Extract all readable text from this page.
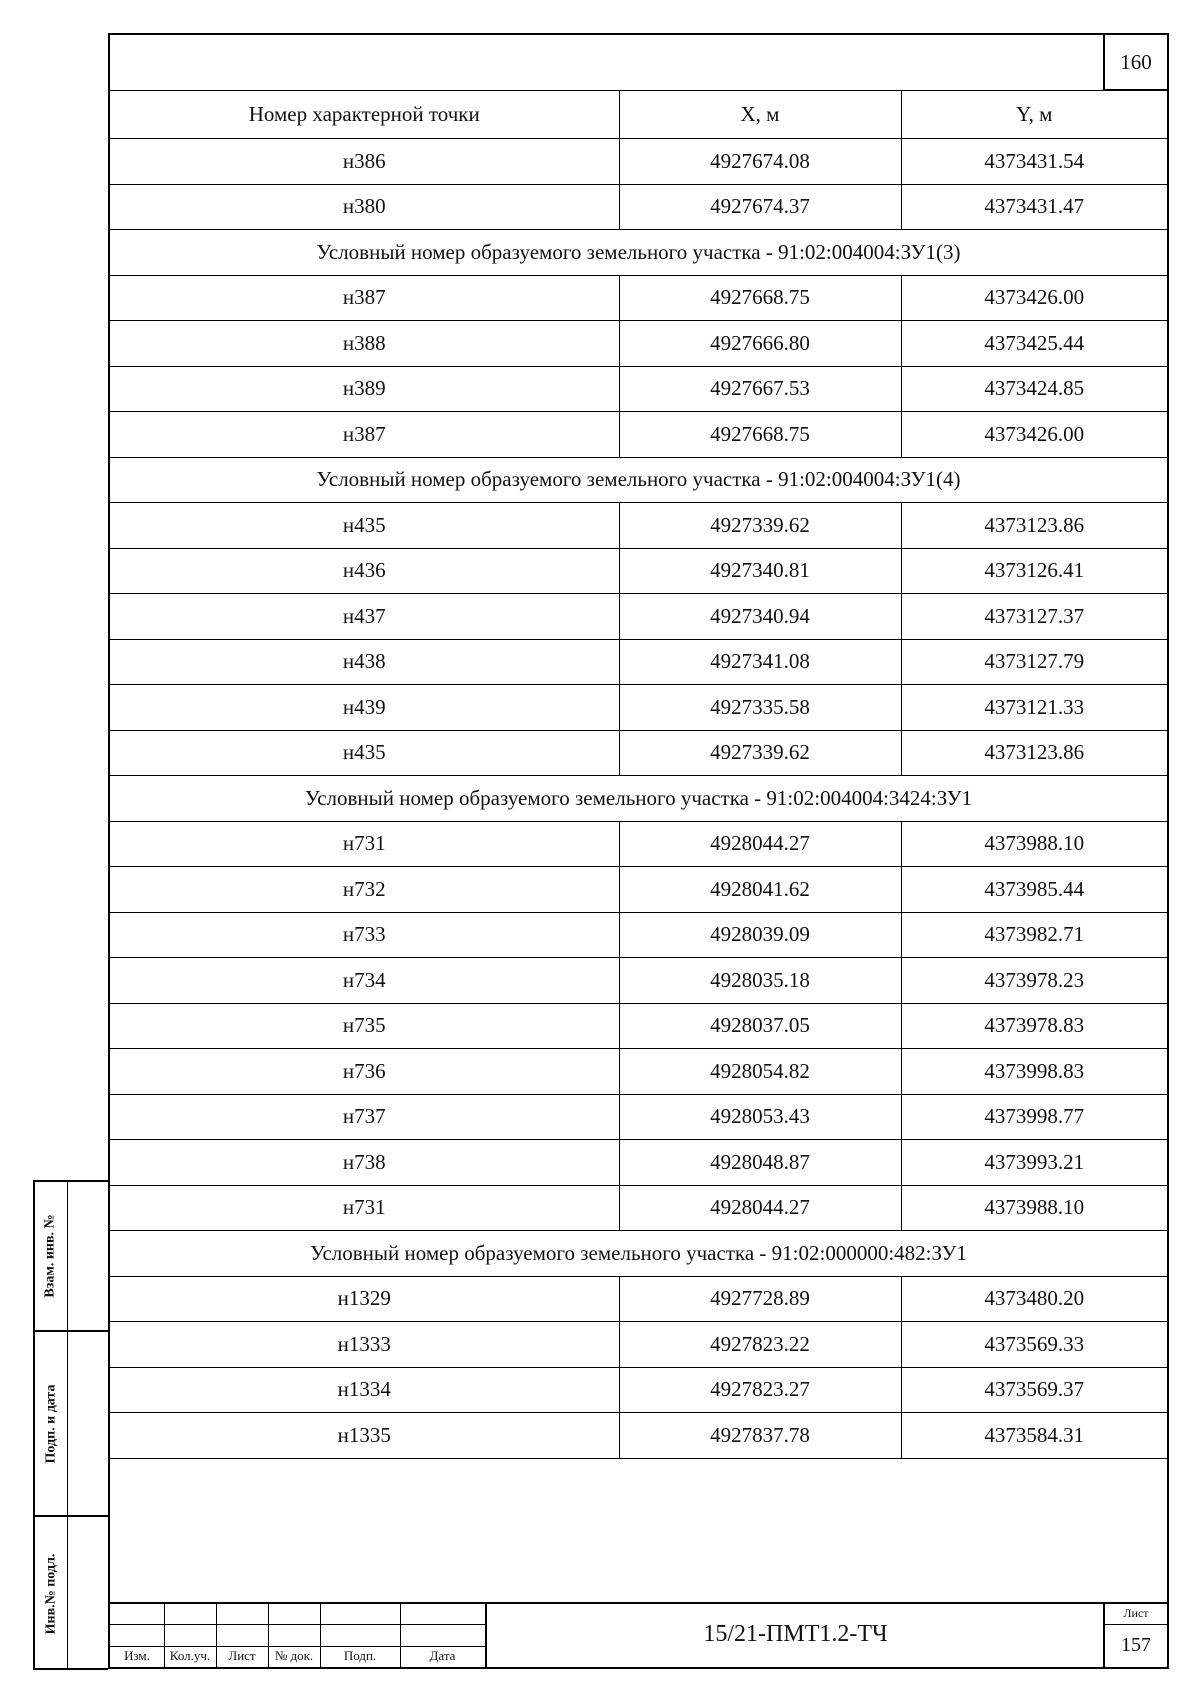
160
Номер характерной точки	X, м	Y, м
н386	4927674.08	4373431.54
н380	4927674.37	4373431.47
Условный номер образуемого земельного участка - 91:02:004004:ЗУ1(3)		
н387	4927668.75	4373426.00
н388	4927666.80	4373425.44
н389	4927667.53	4373424.85
н387	4927668.75	4373426.00
Условный номер образуемого земельного участка - 91:02:004004:ЗУ1(4)		
н435	4927339.62	4373123.86
н436	4927340.81	4373126.41
н437	4927340.94	4373127.37
н438	4927341.08	4373127.79
н439	4927335.58	4373121.33
н435	4927339.62	4373123.86
Условный номер образуемого земельного участка - 91:02:004004:3424:ЗУ1		
н731	4928044.27	4373988.10
н732	4928041.62	4373985.44
н733	4928039.09	4373982.71
н734	4928035.18	4373978.23
н735	4928037.05	4373978.83
н736	4928054.82	4373998.83
н737	4928053.43	4373998.77
н738	4928048.87	4373993.21
н731	4928044.27	4373988.10
Условный номер образуемого земельного участка - 91:02:000000:482:ЗУ1		
н1329	4927728.89	4373480.20
н1333	4927823.22	4373569.33
н1334	4927823.27	4373569.37
н1335	4927837.78	4373584.31
Изм.	Кол.уч.	Лист	№ док.	Подп.	Дата
15/21-ПМТ1.2-ТЧ
Лист
157
Взам. инв. №
Подп. и дата
Инв.№ подл.
